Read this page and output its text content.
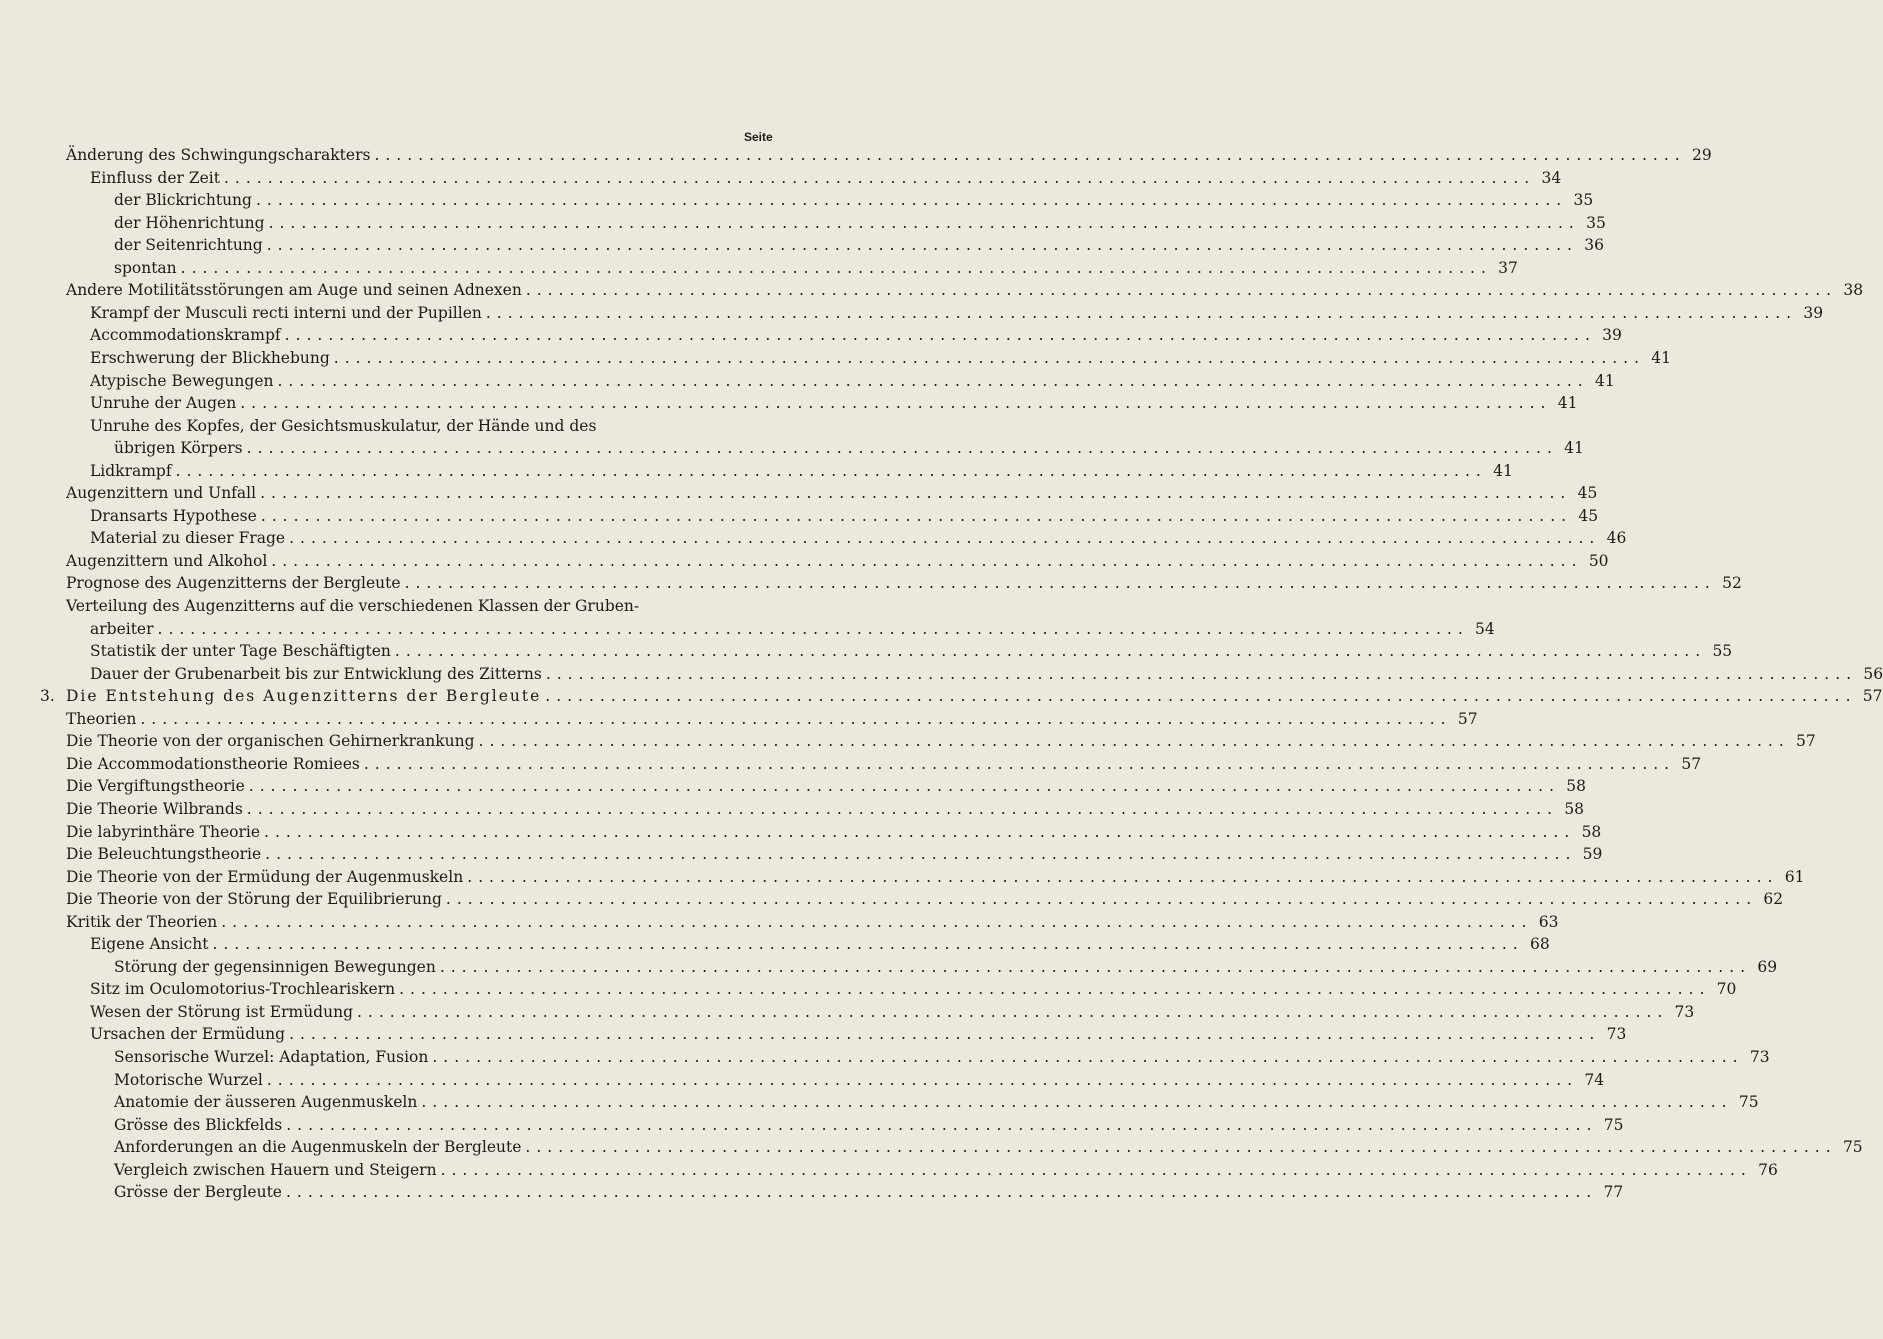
Seite
Änderung des Schwingungscharakters ........................................................................................................................ 29
Einfluss der Zeit ........................................................................................................................ 34
der Blickrichtung ........................................................................................................................ 35
der Höhenrichtung ........................................................................................................................ 35
der Seitenrichtung ........................................................................................................................ 36
spontan ........................................................................................................................ 37
Andere Motilitätsstörungen am Auge und seinen Adnexen ........................................................................................................................ 38
Krampf der Musculi recti interni und der Pupillen ........................................................................................................................ 39
Accommodationskrampf ........................................................................................................................ 39
Erschwerung der Blickhebung ........................................................................................................................ 41
Atypische Bewegungen ........................................................................................................................ 41
Unruhe der Augen ........................................................................................................................ 41
Unruhe des Kopfes, der Gesichtsmuskulatur, der Hände und des
übrigen Körpers ........................................................................................................................ 41
Lidkrampf ........................................................................................................................ 41
Augenzittern und Unfall ........................................................................................................................ 45
Dransarts Hypothese ........................................................................................................................ 45
Material zu dieser Frage ........................................................................................................................ 46
Augenzittern und Alkohol ........................................................................................................................ 50
Prognose des Augenzitterns der Bergleute ........................................................................................................................ 52
Verteilung des Augenzitterns auf die verschiedenen Klassen der Gruben-
arbeiter ........................................................................................................................ 54
Statistik der unter Tage Beschäftigten ........................................................................................................................ 55
Dauer der Grubenarbeit bis zur Entwicklung des Zitterns ........................................................................................................................ 56
3. Die Entstehung des Augenzitterns der Bergleute ........................................................................................................................ 57
Theorien ........................................................................................................................ 57
Die Theorie von der organischen Gehirnerkrankung ........................................................................................................................ 57
Die Accommodationstheorie Romiees ........................................................................................................................ 57
Die Vergiftungstheorie ........................................................................................................................ 58
Die Theorie Wilbrands ........................................................................................................................ 58
Die labyrinthäre Theorie ........................................................................................................................ 58
Die Beleuchtungstheorie ........................................................................................................................ 59
Die Theorie von der Ermüdung der Augenmuskeln ........................................................................................................................ 61
Die Theorie von der Störung der Equilibrierung ........................................................................................................................ 62
Kritik der Theorien ........................................................................................................................ 63
Eigene Ansicht ........................................................................................................................ 68
Störung der gegensinnigen Bewegungen ........................................................................................................................ 69
Sitz im Oculomotorius-Trochleariskern ........................................................................................................................ 70
Wesen der Störung ist Ermüdung ........................................................................................................................ 73
Ursachen der Ermüdung ........................................................................................................................ 73
Sensorische Wurzel: Adaptation, Fusion ........................................................................................................................ 73
Motorische Wurzel ........................................................................................................................ 74
Anatomie der äusseren Augenmuskeln ........................................................................................................................ 75
Grösse des Blickfelds ........................................................................................................................ 75
Anforderungen an die Augenmuskeln der Bergleute ........................................................................................................................ 75
Vergleich zwischen Hauern und Steigern ........................................................................................................................ 76
Grösse der Bergleute ........................................................................................................................ 77
